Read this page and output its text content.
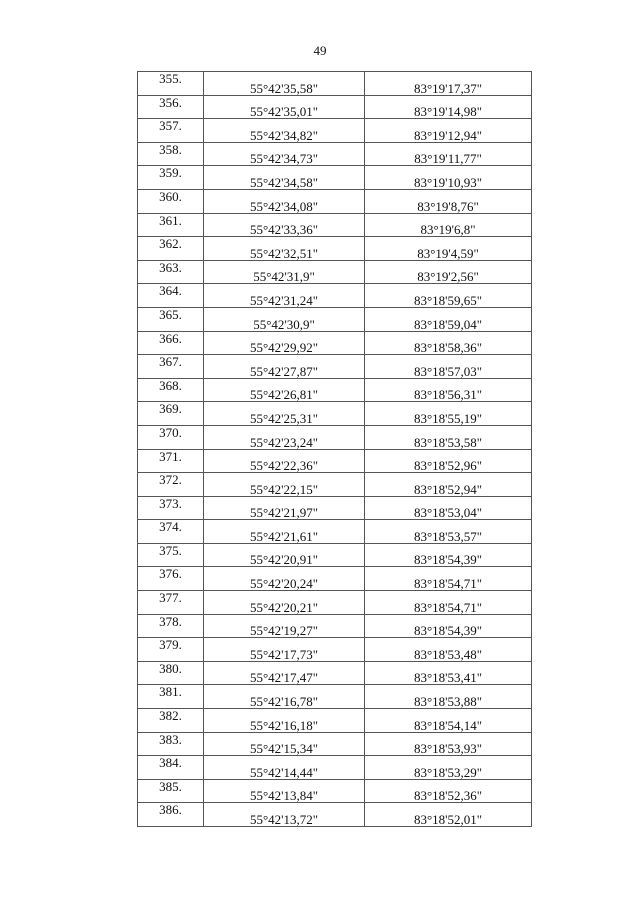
49
355.	55°42'35,58"	83°19'17,37"
356.	55°42'35,01"	83°19'14,98"
357.	55°42'34,82"	83°19'12,94"
358.	55°42'34,73"	83°19'11,77"
359.	55°42'34,58"	83°19'10,93"
360.	55°42'34,08"	83°19'8,76"
361.	55°42'33,36"	83°19'6,8"
362.	55°42'32,51"	83°19'4,59"
363.	55°42'31,9"	83°19'2,56"
364.	55°42'31,24"	83°18'59,65"
365.	55°42'30,9"	83°18'59,04"
366.	55°42'29,92"	83°18'58,36"
367.	55°42'27,87"	83°18'57,03"
368.	55°42'26,81"	83°18'56,31"
369.	55°42'25,31"	83°18'55,19"
370.	55°42'23,24"	83°18'53,58"
371.	55°42'22,36"	83°18'52,96"
372.	55°42'22,15"	83°18'52,94"
373.	55°42'21,97"	83°18'53,04"
374.	55°42'21,61"	83°18'53,57"
375.	55°42'20,91"	83°18'54,39"
376.	55°42'20,24"	83°18'54,71"
377.	55°42'20,21"	83°18'54,71"
378.	55°42'19,27"	83°18'54,39"
379.	55°42'17,73"	83°18'53,48"
380.	55°42'17,47"	83°18'53,41"
381.	55°42'16,78"	83°18'53,88"
382.	55°42'16,18"	83°18'54,14"
383.	55°42'15,34"	83°18'53,93"
384.	55°42'14,44"	83°18'53,29"
385.	55°42'13,84"	83°18'52,36"
386.	55°42'13,72"	83°18'52,01"
